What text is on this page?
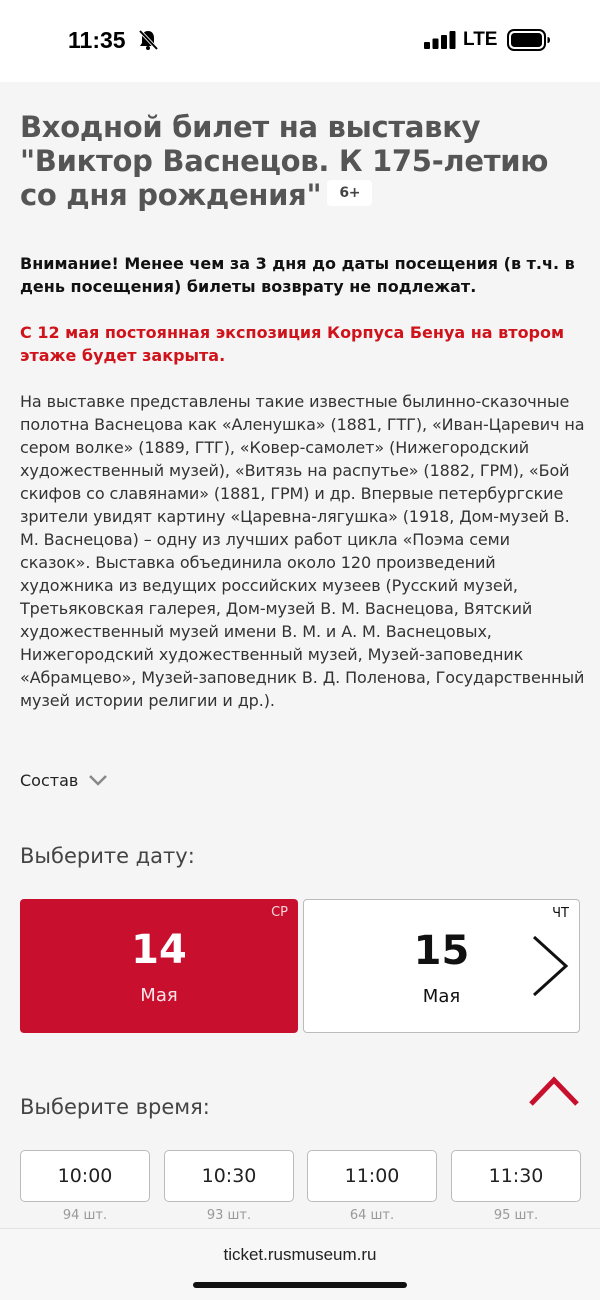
11:35	LTE
Входной билет на выставку "Виктор Васнецов. К 175-летию со дня рождения" 6+

Внимание! Менее чем за 3 дня до даты посещения (в т.ч. в день посещения) билеты возврату не подлежат.

С 12 мая постоянная экспозиция Корпуса Бенуа на втором этаже будет закрыта.

На выставке представлены такие известные былинно-сказочные полотна Васнецова как «Аленушка» (1881, ГТГ), «Иван-Царевич на сером волке» (1889, ГТГ), «Ковер-самолет» (Нижегородский художественный музей), «Витязь на распутье» (1882, ГРМ), «Бой скифов со славянами» (1881, ГРМ) и др. Впервые петербургские зрители увидят картину «Царевна-лягушка» (1918, Дом-музей В. М. Васнецова) – одну из лучших работ цикла «Поэма семи сказок». Выставка объединила около 120 произведений художника из ведущих российских музеев (Русский музей, Третьяковская галерея, Дом-музей В. М. Васнецова, Вятский художественный музей имени В. М. и А. М. Васнецовых, Нижегородский художественный музей, Музей-заповедник «Абрамцево», Музей-заповедник В. Д. Поленова, Государственный музей истории религии и др.).

Состав
Выберите дату:
СР
14
Мая
ЧТ
15
Мая
Выберите время:
10:00
94 шт.
10:30
93 шт.
11:00
64 шт.
11:30
95 шт.
ticket.rusmuseum.ru
